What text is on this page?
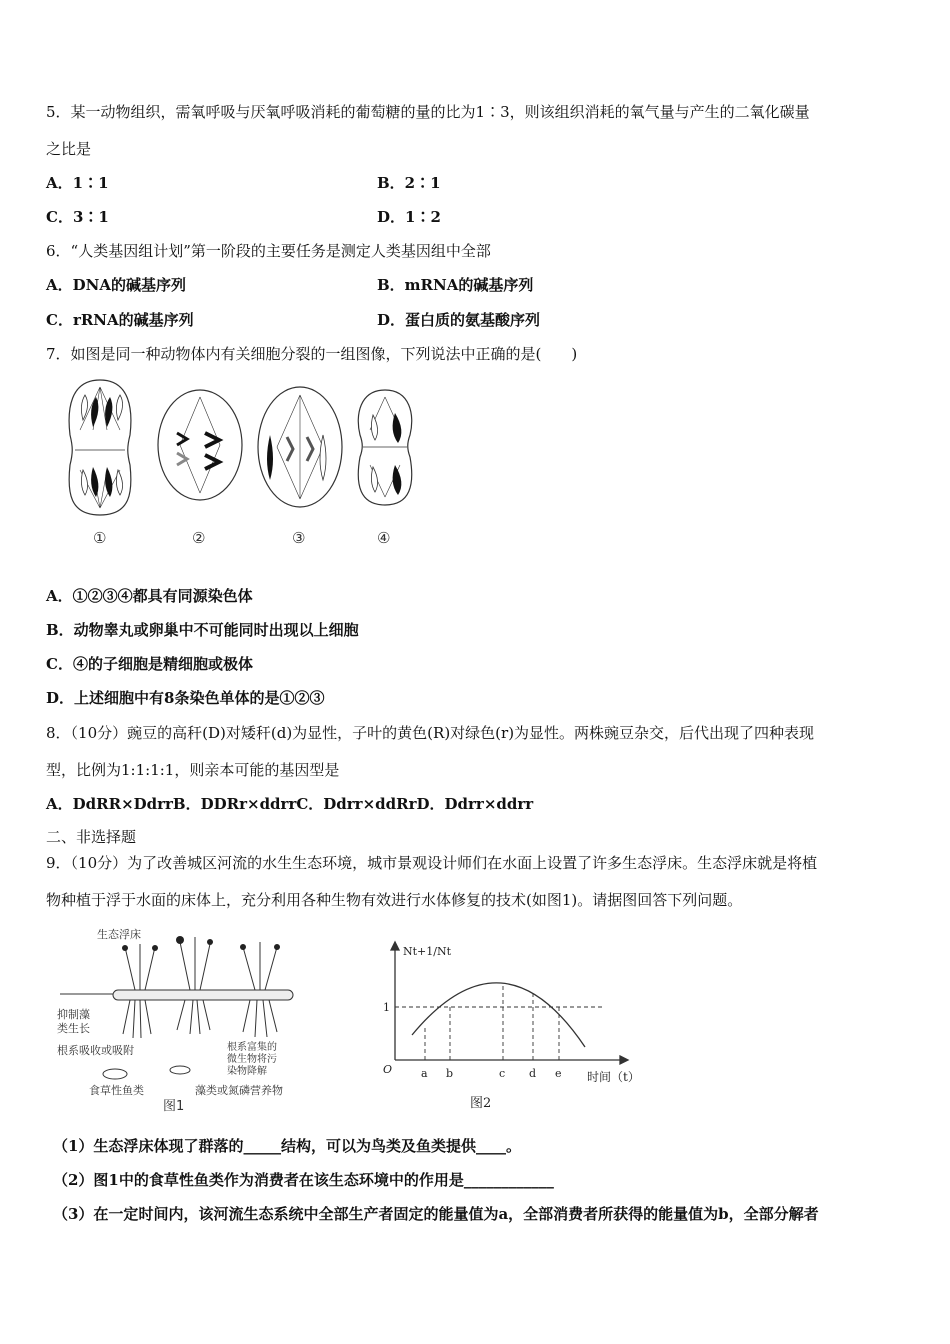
5．某一动物组织，需氧呼吸与厌氧呼吸消耗的葡萄糖的量的比为1∶3，则该组织消耗的氧气量与产生的二氧化碳量
之比是
A．1∶1	B．2∶1
C．3∶1	D．1∶2
6．“人类基因组计划”第一阶段的主要任务是测定人类基因组中全部
A．DNA的碱基序列	B．mRNA的碱基序列
C．rRNA的碱基序列	D．蛋白质的氨基酸序列
7．如图是同一种动物体内有关细胞分裂的一组图像，下列说法中正确的是(　　)
①	②	③	④
A．①②③④都具有同源染色体
B．动物睾丸或卵巢中不可能同时出现以上细胞
C．④的子细胞是精细胞或极体
D．上述细胞中有8条染色单体的是①②③
8．（10分）豌豆的高秆(D)对矮秆(d)为显性，子叶的黄色(R)对绿色(r)为显性。两株豌豆杂交，后代出现了四种表现
型，比例为1:1:1:1，则亲本可能的基因型是
A．DdRR×DdrrB．DDRr×ddrrC．Ddrr×ddRrD．Ddrr×ddrr
二、非选择题
9．（10分）为了改善城区河流的水生生态环境，城市景观设计师们在水面上设置了许多生态浮床。生态浮床就是将植
物种植于浮于水面的床体上，充分利用各种生物有效进行水体修复的技术(如图1)。请据图回答下列问题。
生态浮床
抑制藻
类生长
根系吸收或吸附	根系富集的
微生物将污
染物降解
食草性鱼类	藻类或氮磷营养物
图1
Nt+1/Nt
1
O	a b	c d e 时间（t）
图2
（1）生态浮床体现了群落的_____结构，可以为鸟类及鱼类提供____。
（2）图1中的食草性鱼类作为消费者在该生态环境中的作用是____________
（3）在一定时间内，该河流生态系统中全部生产者固定的能量值为a，全部消费者所获得的能量值为b，全部分解者
